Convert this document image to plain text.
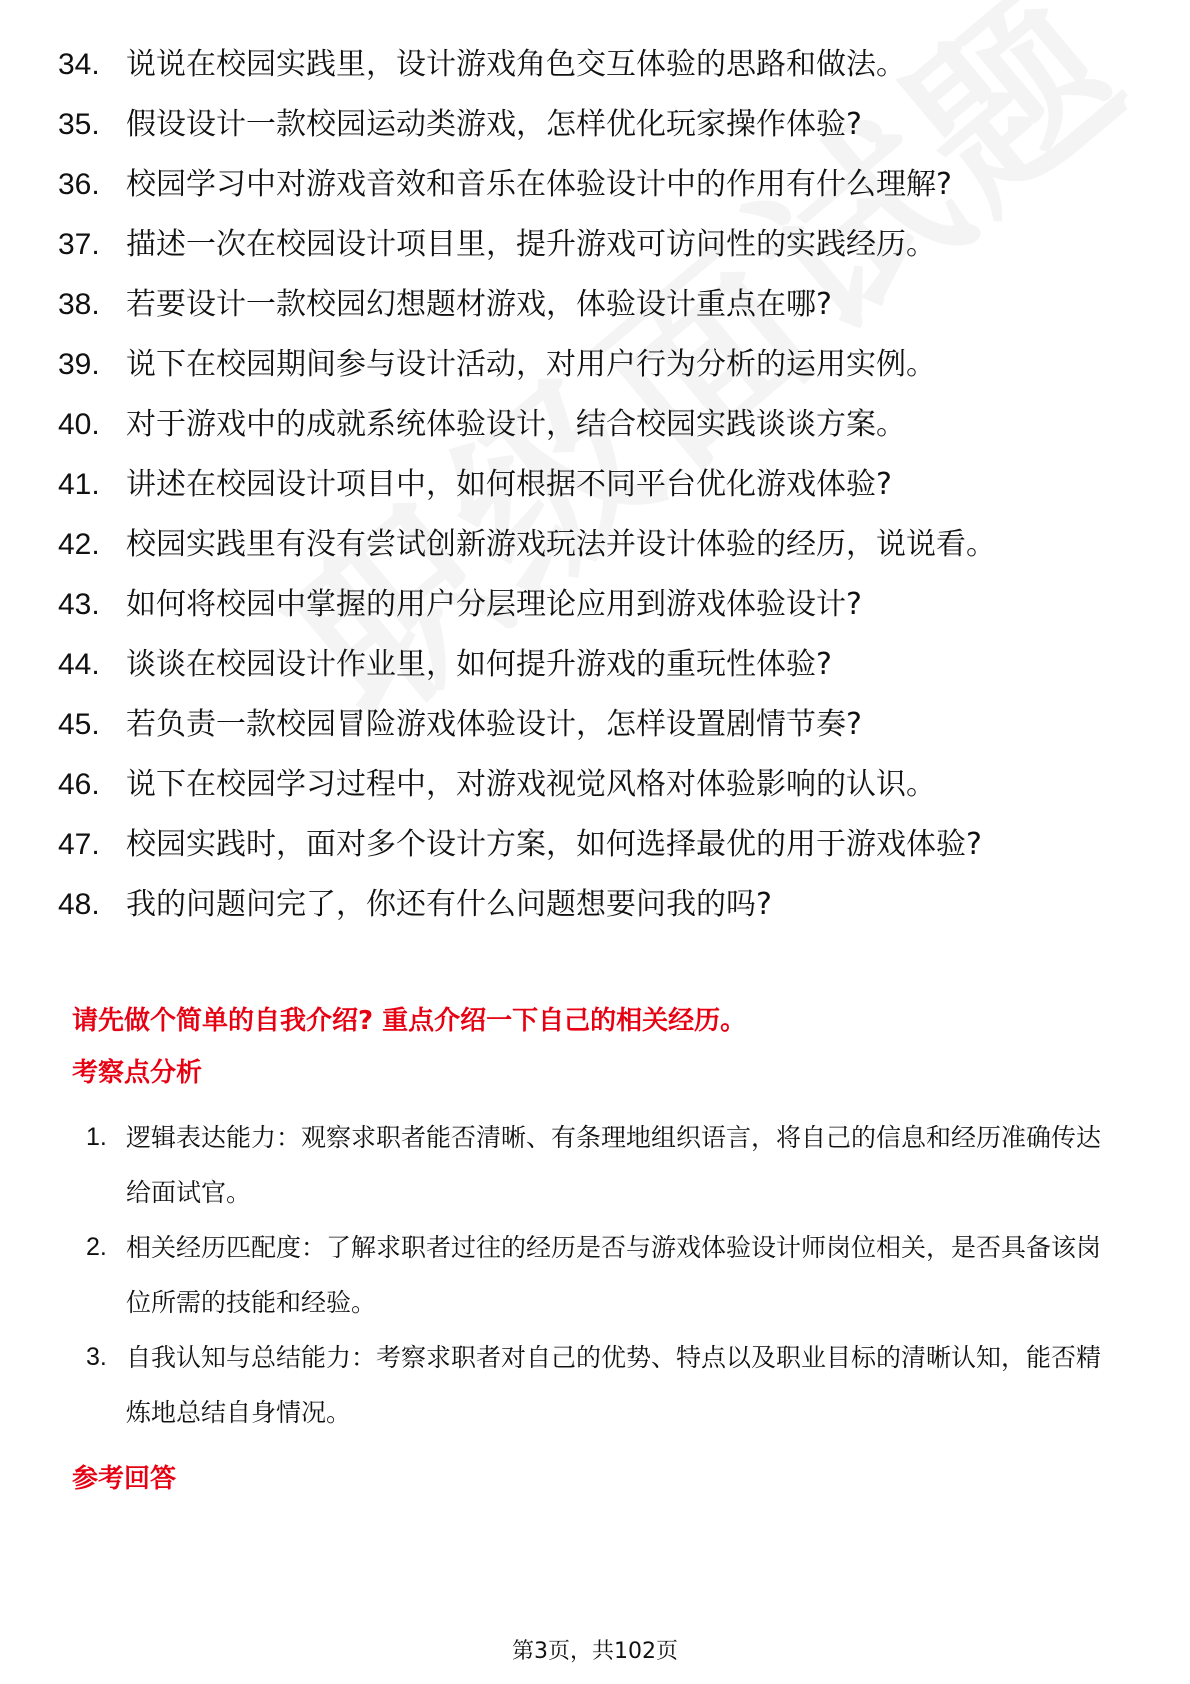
34. 说说在校园实践里，设计游戏角色交互体验的思路和做法。
35. 假设设计一款校园运动类游戏，怎样优化玩家操作体验?
36. 校园学习中对游戏音效和音乐在体验设计中的作用有什么理解?
37. 描述一次在校园设计项目里，提升游戏可访问性的实践经历。
38. 若要设计一款校园幻想题材游戏，体验设计重点在哪?
39. 说下在校园期间参与设计活动，对用户行为分析的运用实例。
40. 对于游戏中的成就系统体验设计，结合校园实践谈谈方案。
41. 讲述在校园设计项目中，如何根据不同平台优化游戏体验?
42. 校园实践里有没有尝试创新游戏玩法并设计体验的经历，说说看。
43. 如何将校园中掌握的用户分层理论应用到游戏体验设计?
44. 谈谈在校园设计作业里，如何提升游戏的重玩性体验?
45. 若负责一款校园冒险游戏体验设计，怎样设置剧情节奏?
46. 说下在校园学习过程中，对游戏视觉风格对体验影响的认识。
47. 校园实践时，面对多个设计方案，如何选择最优的用于游戏体验?
48. 我的问题问完了，你还有什么问题想要问我的吗?
请先做个简单的自我介绍? 重点介绍一下自己的相关经历。
考察点分析
1. 逻辑表达能力：观察求职者能否清晰、有条理地组织语言，将自己的信息和经历准确传达给面试官。
2. 相关经历匹配度：了解求职者过往的经历是否与游戏体验设计师岗位相关，是否具备该岗位所需的技能和经验。
3. 自我认知与总结能力：考察求职者对自己的优势、特点以及职业目标的清晰认知，能否精炼地总结自身情况。
参考回答
第3页，共102页
